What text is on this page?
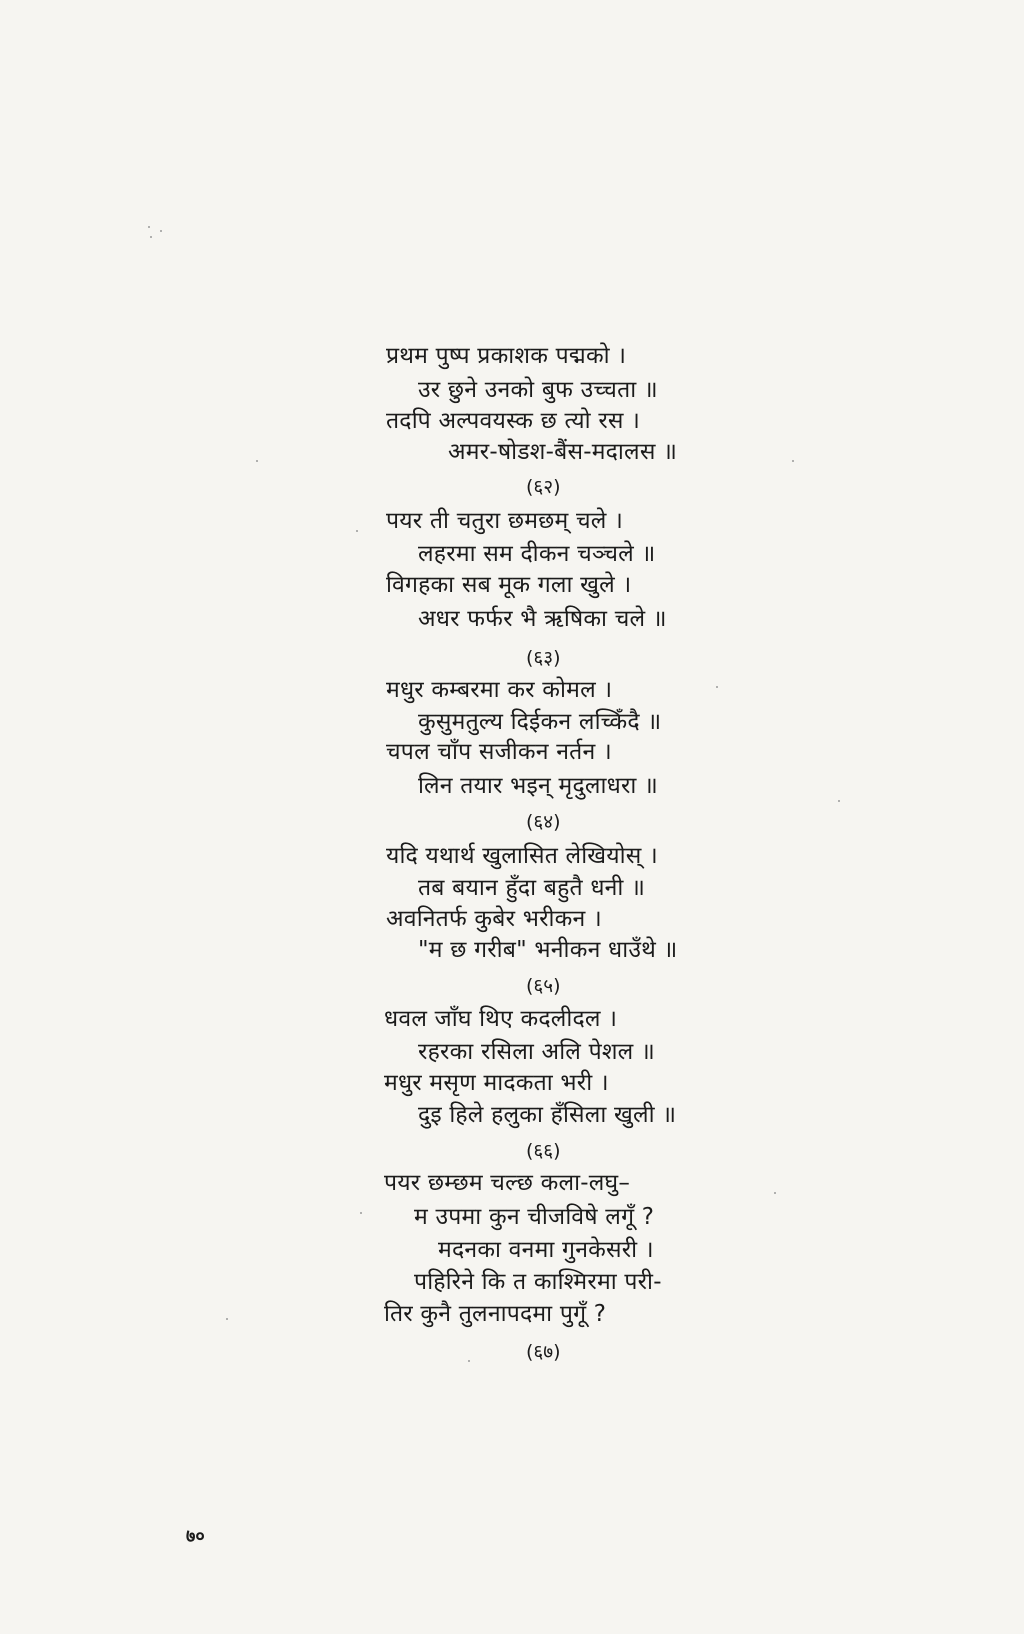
प्रथम पुष्प प्रकाशक पद्मको ।
उर छुने उनको बुफ उच्चता ॥
तदपि अल्पवयस्क छ त्यो रस ।
अमर-षोडश-बैंस-मदालस ॥
(६२)
पयर ती चतुरा छमछम् चले ।
लहरमा सम दीकन चञ्चले ॥
विगहका सब मूक गला खुले ।
अधर फर्फर भै ऋषिका चले ॥
(६३)
मधुर कम्बरमा कर कोमल ।
कुसुमतुल्य दिईकन लच्किँदै ॥
चपल चाँप सजीकन नर्तन ।
लिन तयार भइन् मृदुलाधरा ॥
(६४)
यदि यथार्थ खुलासित लेखियोस् ।
तब बयान हुँदा बहुतै धनी ॥
अवनितर्फ कुबेर भरीकन ।
"म छ गरीब" भनीकन धाउँथे ॥
(६५)
धवल जाँघ थिए कदलीदल ।
रहरका रसिला अलि पेशल ॥
मधुर मसृण मादकता भरी ।
दुइ हिले हलुका हँसिला खुली ॥
(६६)
पयर छम्छम चल्छ कला-लघु–
म उपमा कुन चीजविषे लगूँ ?
मदनका वनमा गुनकेसरी ।
पहिरिने कि त काश्मिरमा परी-
तिर कुनै तुलनापदमा पुगूँ ?
(६७)
७०
